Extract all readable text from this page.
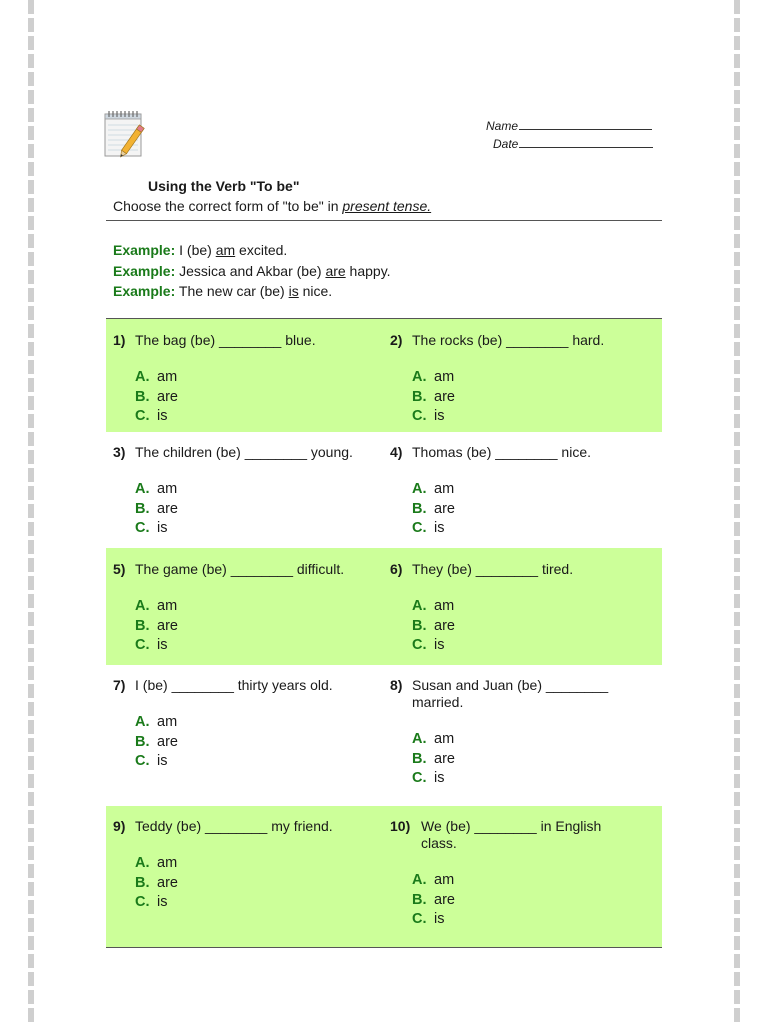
Name
Date
Using the Verb "To be"
Choose the correct form of "to be" in present tense.
Example: I (be) am excited.
Example: Jessica and Akbar (be) are happy.
Example: The new car (be) is nice.
1) The bag (be) ________ blue.
A. am
B. are
C. is
2) The rocks (be) ________ hard.
A. am
B. are
C. is
3) The children (be) ________ young.
A. am
B. are
C. is
4) Thomas (be) ________ nice.
A. am
B. are
C. is
5) The game (be) ________ difficult.
A. am
B. are
C. is
6) They (be) ________ tired.
A. am
B. are
C. is
7) I (be) ________ thirty years old.
A. am
B. are
C. is
8) Susan and Juan (be) ________ married.
A. am
B. are
C. is
9) Teddy (be) ________ my friend.
A. am
B. are
C. is
10) We (be) ________ in English class.
A. am
B. are
C. is
